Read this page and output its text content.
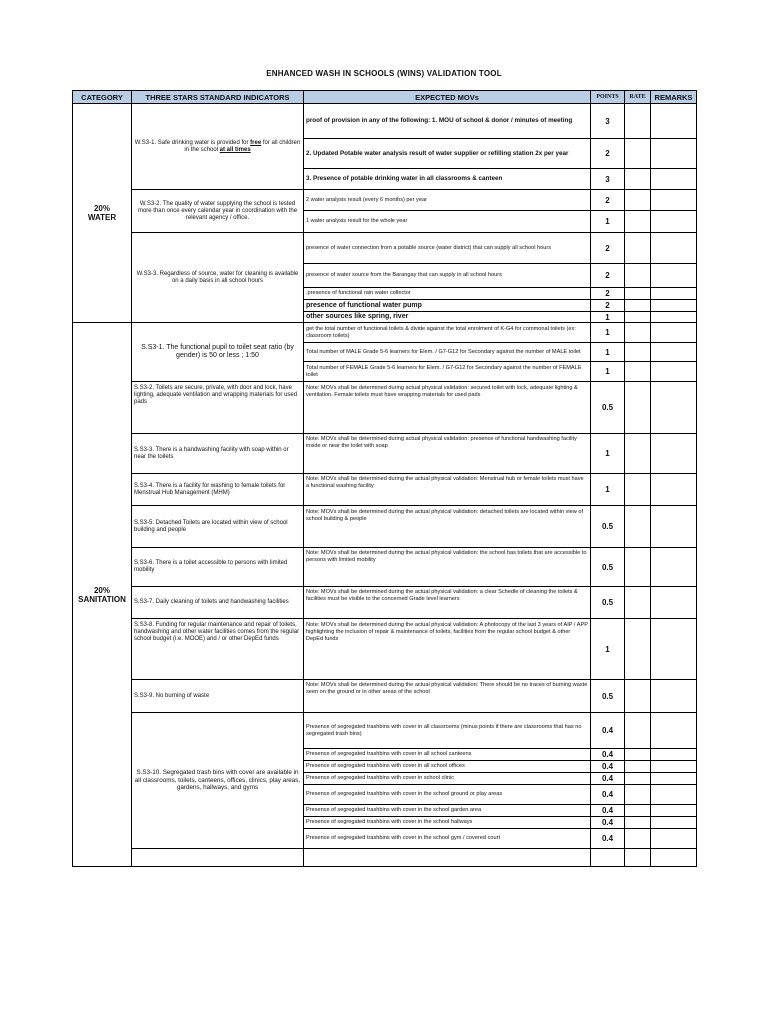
ENHANCED WASH IN SCHOOLS (WINS) VALIDATION TOOL
CATEGORY	THREE STARS STANDARD INDICATORS	EXPECTED MOVs	POINTS	RATE	REMARKS
20%
WATER	W.S3-1. Safe drinking water is provided for free for all children in the school at all times	proof of provision in any of the following: 1. MOU of school & donor / minutes of meeting	3		
		2. Updated Potable water analysis result of water supplier or refilling station 2x per year	2		
		3. Presence of potable drinking water in all classrooms & canteen	3		
	W.S3-2. The quality of water supplying the school is tested more than once every calendar year in coordination with the relevant agency / office.	2 water analysis result (every 6 months) per year	2		
		1 water analysis result for the whole year	1		
	W.S3-3. Regardless of source, water for cleaning is available on a daily basis in all school hours	presence of water connection from a potable source (water district) that can supply all school hours	2		
		presence of water source from the Barangay that can supply in all school hours	2		
		.presence of functional rain water collector	2		
		presence of functional water pump	2		
		other sources like spring, river	1		
20%
SANITATION	S.S3-1. The functional pupil to toilet seat ratio (by gender) is 50 or less ; 1:50	get the total number of functional toilets & divide against the total enrolment of K-G4 for commonal toilets (ex: classroom toilets)	1		
		Total number of MALE Grade 5-6 learners for Elem. / G7-G12 for Secondary against the number of MALE toilet	1		
		Total number of FEMALE Grade 5-6 learners for Elem. / G7-G12 for Secondary against the number of FEMALE toilet	1		
	S.S3-2. Toilets are secure, private, with door and lock, have lighting, adequate ventilation and wrapping materials for used pads	Note: MOVs shall be determined during actual physical validation: secured toilet with lock, adequate lighting & ventilation. Female toilets must have wrapping materials for used pads	0.5		
	S.S3-3. There is a handwashing facility with soap within or near the toilets	Note: MOVs shall be determined during actual physical validation: presence of functional handwashing facility inside or near the toilet with soap	1		
	S.S3-4. There is a facility for washing to female toilets for Menstrual Hub Management (MHM)	Note: MOVs shall be determined during the actual physical validation: Menstrual hub or female toilets must have a functional washing facility	1		
	S.S3-5. Detached Toilets are located within view of school building and people	Note: MOVs shall be determined during the actual physical validation: detached toilets are located within view of school building & people	0.5		
	S.S3-6. There is a toilet accessible to persons with limited mobility	Note: MOVs shall be determined during the actual physical validation: the school has toilets that are accessible to persons with limited mobility	0.5		
	S.S3-7. Daily cleaning of toilets and handwashing facilities	Note: MOVs shall be determined during the actual physical validation: a clear Schedle of cleaning the toilets & facilities must be visible to the concerned Grade level learners	0.5		
	S.S3-8. Funding for regular maintenance and repair of toilets, handwashing and other water facilities comes from the regular school budget (i.e. MOOE) and / or other DepEd funds	Note: MOVs shall be determined during the actual physical validation: A photocopy of the last 3 years of AIP / APP highlighting the inclusion of repair & maintenance of toilets, facilities from the regular school budget & other DepEd funds	1		
	S.S3-9. No burning of waste	Note: MOVs shall be determined during the actual physical validation: There should be no traces of burning waste seen on the ground or in other areas of the school	0.5		
	S.S3-10. Segregated trash bins with cover are available in all classrooms, toilets, canteens, offices, clinics, play areas, gardens, hallways, and gyms	Presence of segregated trashbins with cover in all classrooms (minus points if there are classrooms that has no segregated trash bins)	0.4		
		Presence of segregated trashbins with cover in all school canteens	0.4		
		Presence of segregated trashbins with cover in all school offices	0.4		
		Presence of segregated trashbins with cover in school clinic	0.4		
		Presence of segregated trashbins with cover in the school ground or play areas	0.4		
		Presence of segregated trashbins with cover in the school garden area	0.4		
		Presence of segregated trashbins with cover in the school hallways	0.4		
		Presence of segregated trashbins with cover in the school gym / covered court	0.4		
